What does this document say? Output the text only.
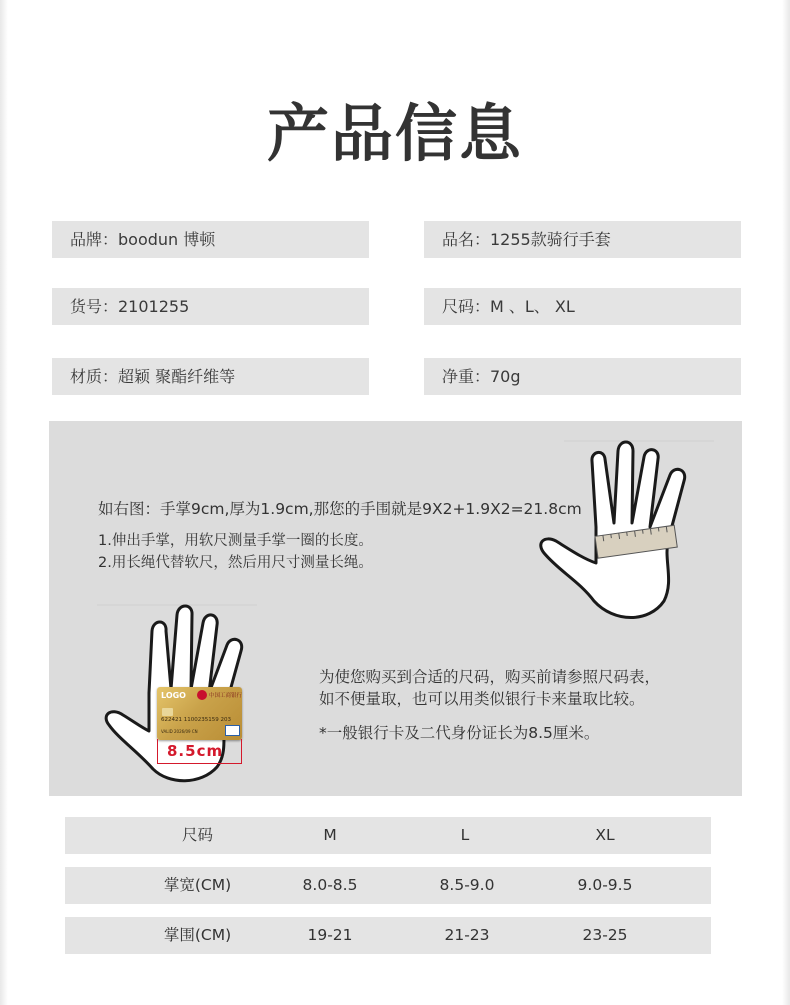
产品信息
品牌：boodun 博顿	品名：1255款骑行手套
货号：2101255	尺码：M 、L、 XL
材质：超颖 聚酯纤维等	净重：70g
如右图：手掌9cm,厚为1.9cm,那您的手围就是9X2+1.9X2=21.8cm
1.伸出手掌，用软尺测量手掌一圈的长度。
2.用长绳代替软尺，然后用尺寸测量长绳。
为使您购买到合适的尺码，购买前请参照尺码表，
如不便量取，也可以用类似银行卡来量取比较。
*一般银行卡及二代身份证长为8.5厘米。
LOGO	中国工商银行
622421 1100235159 203
VALID 2026/09 CN
8.5cm
尺码	M	L	XL
掌宽(CM)	8.0-8.5	8.5-9.0	9.0-9.5
掌围(CM)	19-21	21-23	23-25
